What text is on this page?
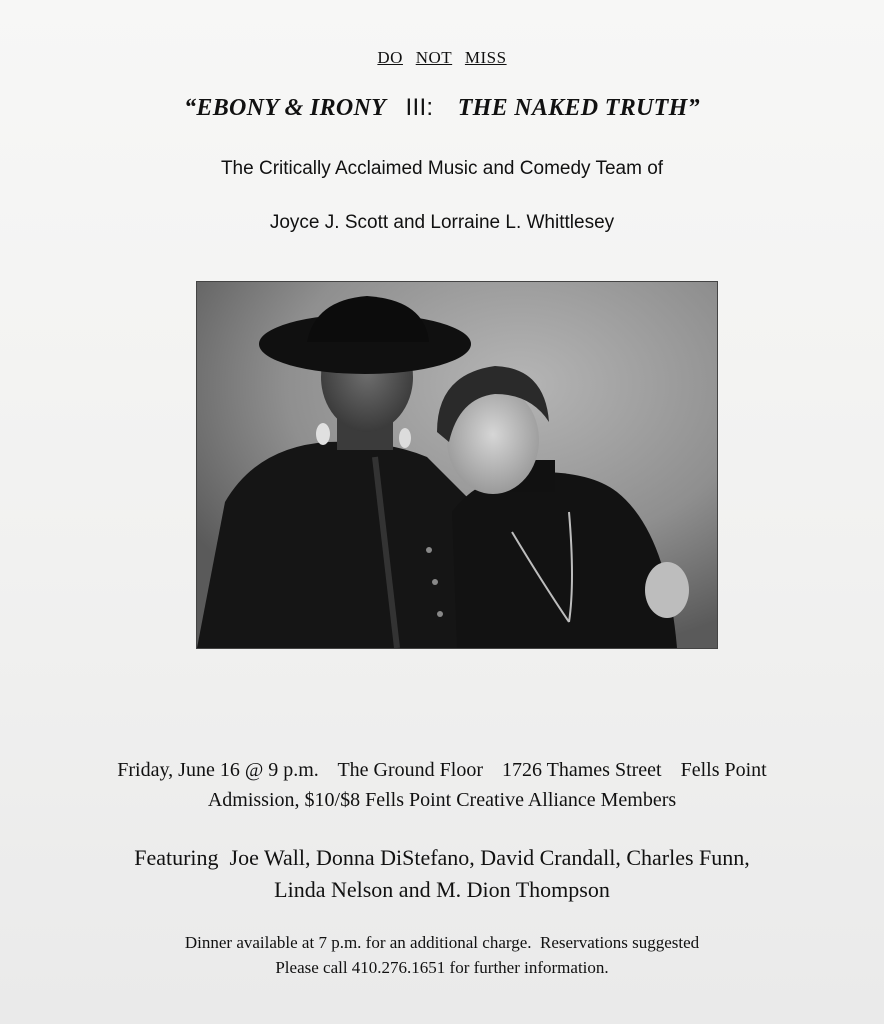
DO NOT MISS
“EBONY & IRONY III: THE NAKED TRUTH”
The Critically Acclaimed Music and Comedy Team of
Joyce J. Scott and Lorraine L. Whittlesey
Friday, June 16 @ 9 p.m. The Ground Floor 1726 Thames Street Fells Point
Admission, $10/$8 Fells Point Creative Alliance Members
Featuring  Joe Wall, Donna DiStefano, David Crandall, Charles Funn,
Linda Nelson and M. Dion Thompson
Dinner available at 7 p.m. for an additional charge.  Reservations suggested
Please call 410.276.1651 for further information.
